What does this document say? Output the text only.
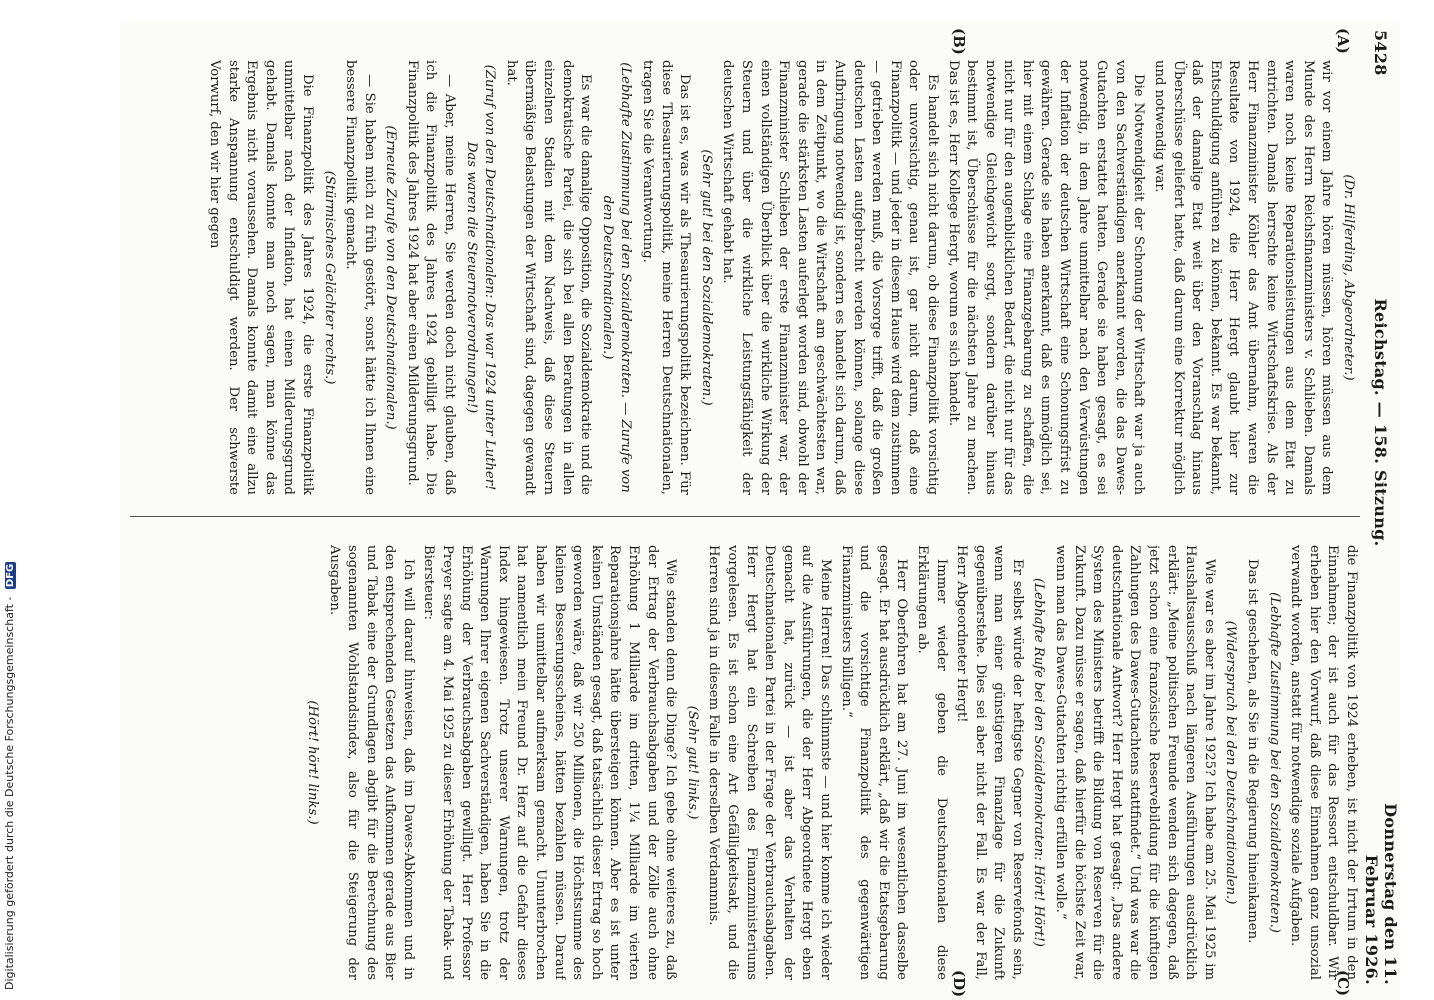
Digitalisierung gefördert durch die Deutsche Forschungsgemeinschaft - DFG
5428
Reichstag. — 158. Sitzung.
Donnerstag den 11. Februar 1926.
(A)
(B)
(C)
(D)

(Dr. Hilferding, Abgeordneter.)

wir vor einem Jahre hören müssen, hören müssen aus dem Munde des Herrn Reichsfinanzministers v. Schlieben. Damals waren noch keine Reparationsleistungen aus dem Etat zu entrichten. Damals herrschte keine Wirtschaftskrise. Als der Herr Finanzminister Köhler das Amt übernahm, waren die Resultate von 1924, die Herr Hergt glaubt hier zur Entschuldigung anführen zu können, bekannt. Es war bekannt, daß der damalige Etat weit über den Voranschlag hinaus Überschüsse geliefert hatte, daß darum eine Korrektur möglich und notwendig war.

Die Notwendigkeit der Schonung der Wirtschaft war ja auch von den Sachverständigen anerkannt worden, die das Dawes-Gutachten erstattet hatten. Gerade sie haben gesagt, es sei notwendig, in dem Jahre unmittelbar nach den Verwüstungen der Inflation der deutschen Wirtschaft eine Schonungsfrist zu gewähren. Gerade sie haben anerkannt, daß es unmöglich sei, hier mit einem Schlage eine Finanzgebarung zu schaffen, die nicht nur für den augenblicklichen Bedarf, die nicht nur für das notwendige Gleichgewicht sorgt, sondern darüber hinaus bestimmt ist, Überschüsse für die nächsten Jahre zu machen. Das ist es, Herr Kollege Hergt, worum es sich handelt.

Es handelt sich nicht darum, ob diese Finanzpolitik vorsichtig oder unvorsichtig, genau ist, gar nicht darum, daß eine Finanzpolitik — und jeder in diesem Hause wird dem zustimmen — getrieben werden muß, die Vorsorge trifft, daß die großen deutschen Lasten aufgebracht werden können, solange diese Aufbringung notwendig ist, sondern es handelt sich darum, daß in dem Zeitpunkt, wo die Wirtschaft am geschwächtesten war, gerade die stärksten Lasten auferlegt worden sind, obwohl der Finanzminister Schlieben der erste Finanzminister war, der einen vollständigen Überblick über die wirkliche Wirkung der Steuern und über die wirkliche Leistungsfähigkeit der deutschen Wirtschaft gehabt hat.

(Sehr gut! bei den Sozialdemokraten.)

Das ist es, was wir als Thesaurierungspolitik bezeichnen. Für diese Thesaurierungspolitik, meine Herren Deutschnationalen, tragen Sie die Verantwortung.

(Lebhafte Zustimmung bei den Sozialdemokraten. — Zurufe von den Deutschnationalen.)

Es war die damalige Opposition, die Sozialdemokratie und die demokratische Partei, die sich bei allen Beratungen in allen einzelnen Stadien mit dem Nachweis, daß diese Steuern übermäßige Belastungen der Wirtschaft sind, dagegen gewandt hat.

(Zuruf von den Deutschnationalen: Das war 1924 unter Luther! Das waren die Steuernotverordnungen!)

— Aber, meine Herren, Sie werden doch nicht glauben, daß ich die Finanzpolitik des Jahres 1924 gebilligt habe. Die Finanzpolitik des Jahres 1924 hat aber einen Milderungsgrund.

(Erneute Zurufe von den Deutschnationalen.)

— Sie haben mich zu früh gestört, sonst hätte ich Ihnen eine bessere Finanzpolitik gemacht.

(Stürmisches Gelächter rechts.)

Die Finanzpolitik des Jahres 1924, die erste Finanzpolitik unmittelbar nach der Inflation, hat einen Milderungsgrund gehabt. Damals konnte man noch sagen, man könne das Ergebnis nicht voraussehen. Damals konnte damit eine allzu starke Anspannung entschuldigt werden. Der schwerste Vorwurf, den wir hier gegen

die Finanzpolitik von 1924 erheben, ist nicht der Irrtum in den Einnahmen; der ist auch für das Ressort entschuldbar. Wir erheben hier den Vorwurf, daß diese Einnahmen ganz unsozial verwandt worden, anstatt für notwendige soziale Aufgaben.

(Lebhafte Zustimmung bei den Sozialdemokraten.)

Das ist geschehen, als Sie in die Regierung hineinkamen.

(Widerspruch bei den Deutschnationalen.)

Wie war es aber im Jahre 1925? Ich habe am 25. Mai 1925 im Haushaltsausschuß nach längeren Ausführungen ausdrücklich erklärt: „Meine politischen Freunde wenden sich dagegen, daß jetzt schon eine französische Reservebildung für die künftigen Zahlungen des Dawes-Gutachtens stattfindet.“ Und was war die deutschnationale Antwort? Herr Hergt hat gesagt: „Das andere System des Ministers betrifft die Bildung von Reserven für die Zukunft. Dazu müsse er sagen, daß hierfür die höchste Zeit war, wenn man das Dawes-Gutachten richtig erfüllen wolle.“

(Lebhafte Rufe bei den Sozialdemokraten: Hört! Hört!)

Er selbst würde der heftigste Gegner von Reservefonds sein, wenn man einer günstigeren Finanzlage für die Zukunft gegenüberstehe. Dies sei aber nicht der Fall. Es war der Fall, Herr Abgeordneter Hergt!

Immer wieder geben die Deutschnationalen diese Erklärungen ab.

Herr Oberfohren hat am 27. Juni im wesentlichen dasselbe gesagt. Er hat ausdrücklich erklärt, „daß wir die Etatsgebarung und die vorsichtige Finanzpolitik des gegenwärtigen Finanzministers billigen.“

Meine Herren! Das schlimmste — und hier komme ich wieder auf die Ausführungen, die der Herr Abgeordnete Hergt eben gemacht hat, zurück — ist aber das Verhalten der Deutschnationalen Partei in der Frage der Verbrauchsabgaben. Herr Hergt hat ein Schreiben des Finanzministeriums vorgelesen. Es ist schon eine Art Gefälligkeitsakt, und die Herren sind ja in diesem Falle in derselben Verdammnis.

(Sehr gut! links.)

Wie standen denn die Dinge? Ich gebe ohne weiteres zu, daß der Ertrag der Verbrauchsabgaben und der Zölle auch ohne Erhöhung 1 Milliarde im dritten, 1¼ Milliarde im vierten Reparationsjahre hätte übersteigen können. Aber es ist unter keinen Umständen gesagt, daß tatsächlich dieser Ertrag so hoch geworden wäre, daß wir 250 Millionen, die Höchstsumme des kleinen Besserungsscheines, hätten bezahlen müssen. Darauf haben wir unmittelbar aufmerksam gemacht. Ununterbrochen hat namentlich mein Freund Dr. Herz auf die Gefahr dieses Index hingewiesen. Trotz unserer Warnungen, trotz der Warnungen Ihrer eigenen Sachverständigen, haben Sie in die Erhöhung der Verbrauchsabgaben gewilligt. Herr Professor Preyer sagte am 4. Mai 1925 zu dieser Erhöhung der Tabak- und Biersteuer:

Ich will darauf hinweisen, daß im Dawes-Abkommen und in den entsprechenden Gesetzen das Aufkommen gerade aus Bier und Tabak eine der Grundlagen abgibt für die Berechnung des sogenannten Wohlstandsindex, also für die Steigerung der Ausgaben.

(Hört! hört! links.)
